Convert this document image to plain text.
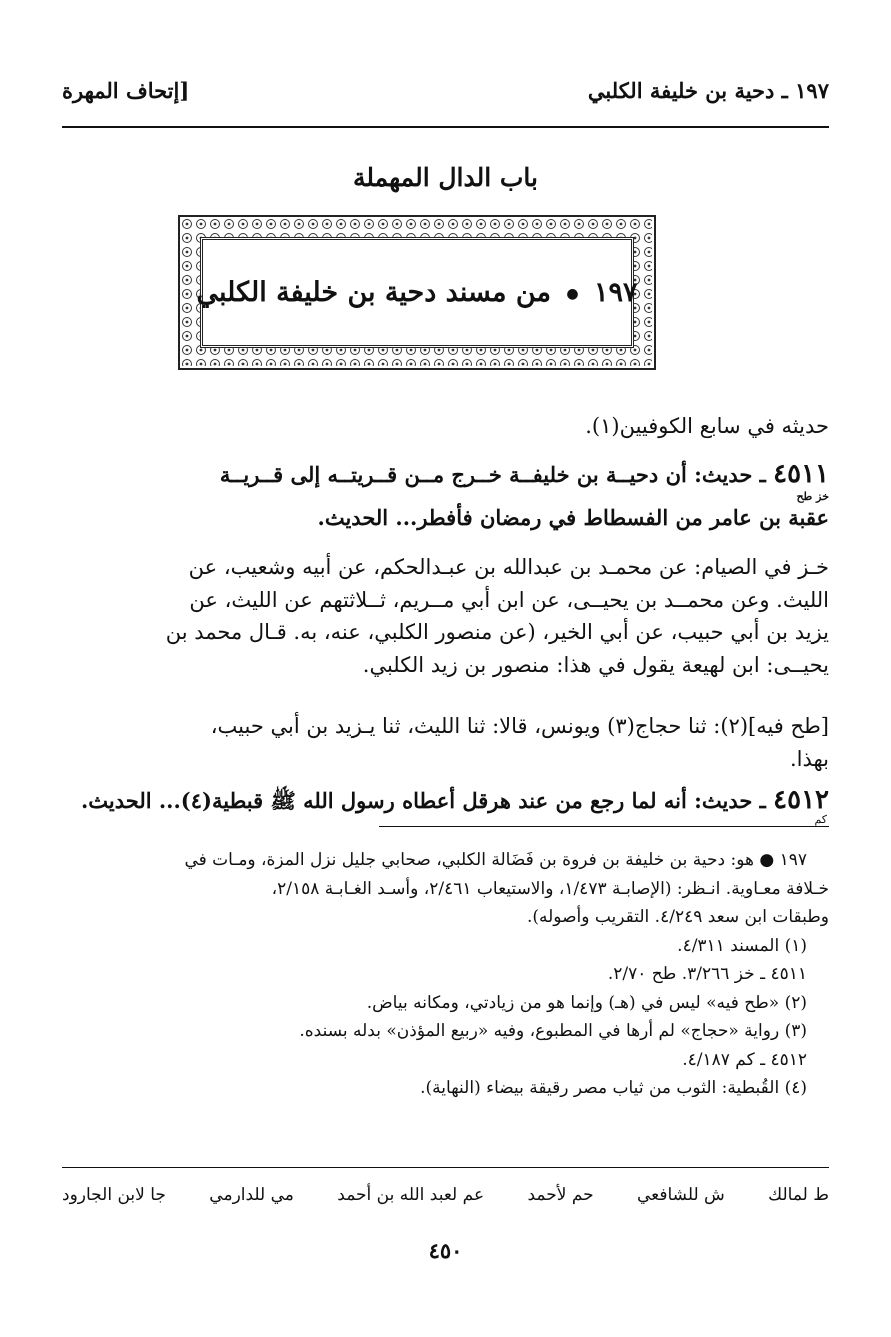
١٩٧ ـ دحية بن خليفة الكلبي
[إتحاف المهرة
باب الدال المهملة
١٩٧ ● من مسند دحية بن خليفة الكلبي
حديثه في سابع الكوفيين(١).
٤٥١١ ـ حديث: أن دحيــة بن خليفــة خــرج مــن قــريتــه إلى قــريــة
خز طح
عقبة بن عامر من الفسطاط في رمضان فأفطر... الحديث.
خـز في الصيام: عن محمـد بن عبدالله بن عبـدالحكم، عن أبيه وشعيب، عن
الليث. وعن محمــد بن يحيــى، عن ابن أبي مــريم، ثــلاثتهم عن الليث، عن
يزيد بن أبي حبيب، عن أبي الخير، (عن منصور الكلبي، عنه، به. قـال محمد بن
يحيــى: ابن لهيعة يقول في هذا: منصور بن زيد الكلبي.
[طح فيه](٢): ثنا حجاج(٣) ويونس، قالا: ثنا الليث، ثنا يـزيد بن أبي حبيب،
بهذا.
٤٥١٢ ـ حديث: أنه لما رجع من عند هرقل أعطاه رسول الله ﷺ قبطية(٤)... الحديث.
كم
١٩٧ ● هو: دحية بن خليفة بن فروة بن فَضَالة الكلبي، صحابي جليل نزل المزة، ومـات في
خـلافة معـاوية. انـظر: (الإصابـة ١/٤٧٣، والاستيعاب ٢/٤٦١، وأسـد الغـابـة ٢/١٥٨،
وطبقات ابن سعد ٤/٢٤٩. التقريب وأصوله).
(١) المسند ٤/٣١١.
٤٥١١ ـ خز ٣/٢٦٦. طح ٢/٧٠.
(٢) «طح فيه» ليس في (هـ) وإنما هو من زيادتي، ومكانه بياض.
(٣) رواية «حجاج» لم أرها في المطبوع، وفيه «ربيع المؤذن» بدله بسنده.
٤٥١٢ ـ كم ٤/١٨٧.
(٤) القُبطية: الثوب من ثياب مصر رقيقة بيضاء (النهاية).
ط لمالك
ش للشافعي
حم لأحمد
عم لعبد الله بن أحمد
مي للدارمي
جا لابن الجارود
٤٥٠
